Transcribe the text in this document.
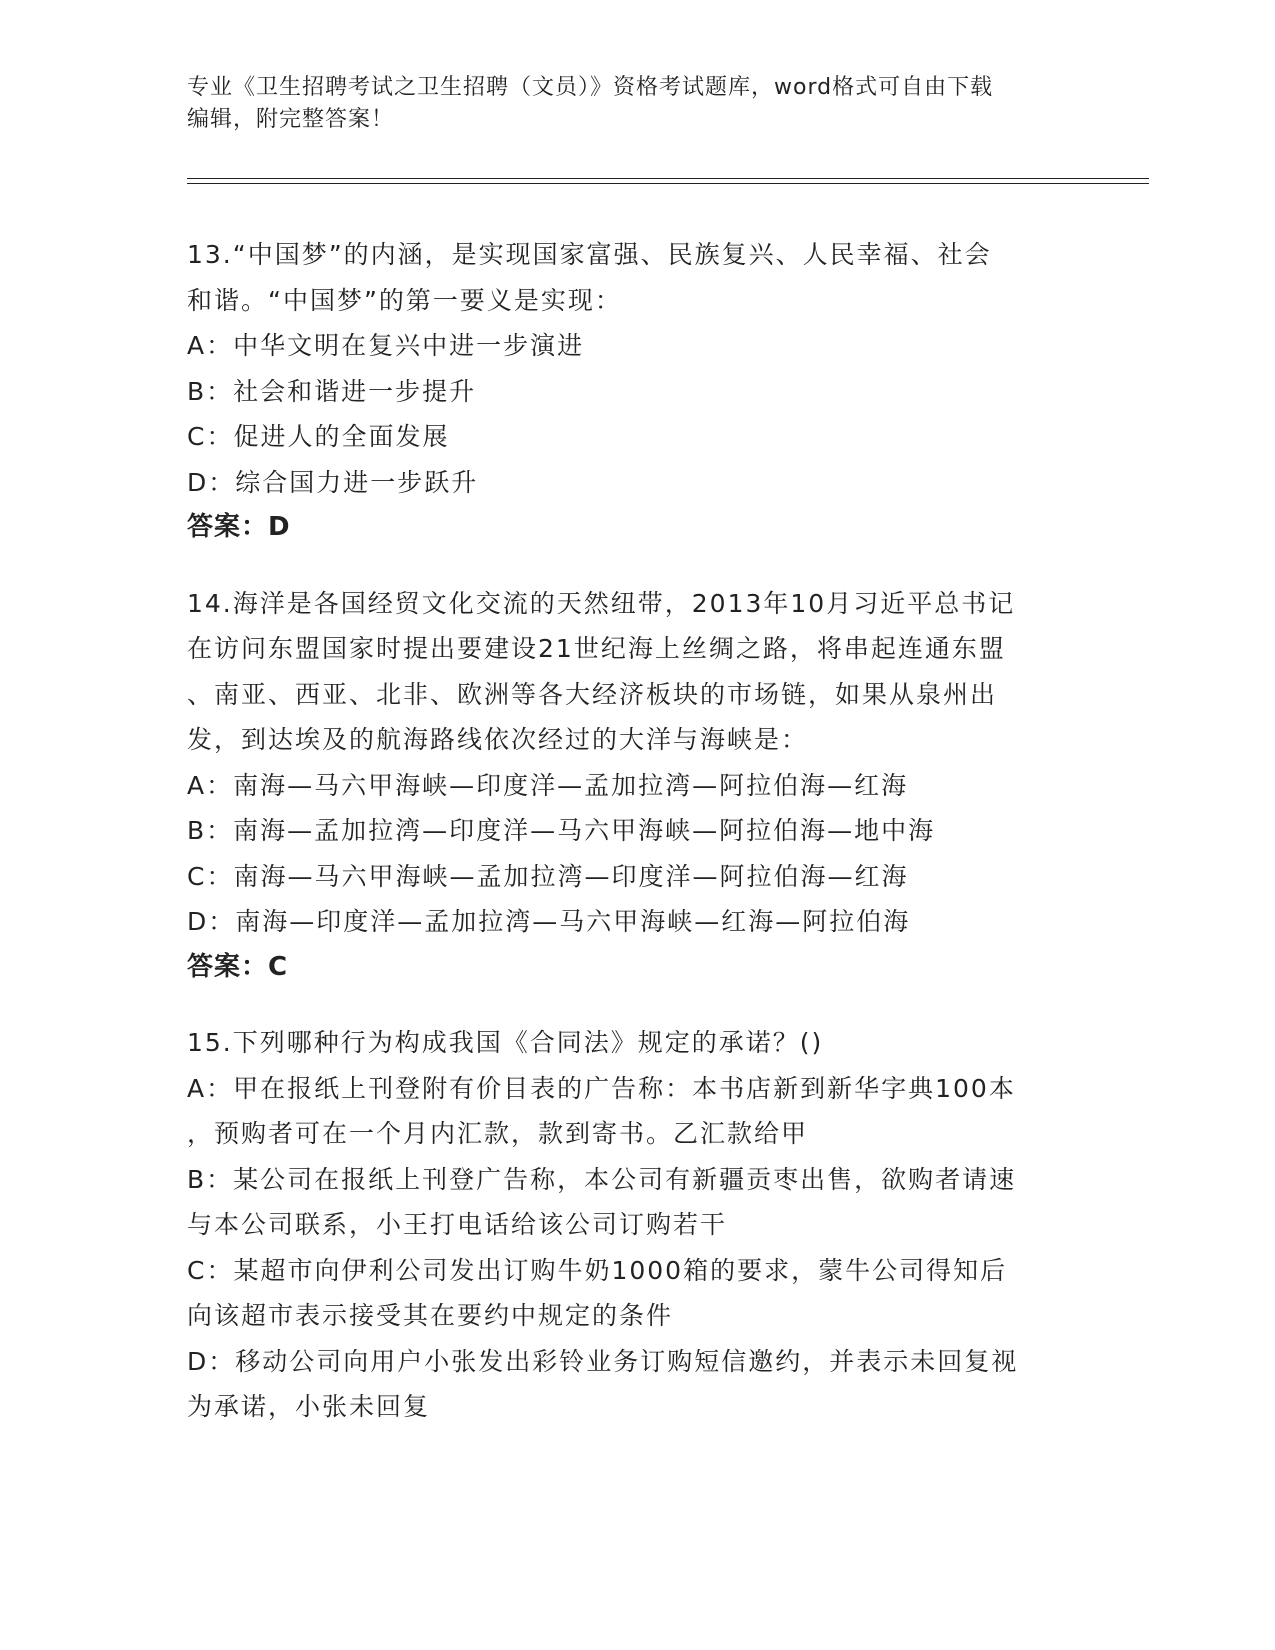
专业《卫生招聘考试之卫生招聘（文员）》资格考试题库，word格式可自由下载
编辑，附完整答案！
13.“中国梦”的内涵，是实现国家富强、民族复兴、人民幸福、社会
和谐。“中国梦”的第一要义是实现：
A：中华文明在复兴中进一步演进
B：社会和谐进一步提升
C：促进人的全面发展
D：综合国力进一步跃升
答案：D
14.海洋是各国经贸文化交流的天然纽带，2013年10月习近平总书记
在访问东盟国家时提出要建设21世纪海上丝绸之路，将串起连通东盟
、南亚、西亚、北非、欧洲等各大经济板块的市场链，如果从泉州出
发，到达埃及的航海路线依次经过的大洋与海峡是：
A：南海—马六甲海峡—印度洋—孟加拉湾—阿拉伯海—红海
B：南海—孟加拉湾—印度洋—马六甲海峡—阿拉伯海—地中海
C：南海—马六甲海峡—孟加拉湾—印度洋—阿拉伯海—红海
D：南海—印度洋—孟加拉湾—马六甲海峡—红海—阿拉伯海
答案：C
15.下列哪种行为构成我国《合同法》规定的承诺？()
A：甲在报纸上刊登附有价目表的广告称：本书店新到新华字典100本
，预购者可在一个月内汇款，款到寄书。乙汇款给甲
B：某公司在报纸上刊登广告称，本公司有新疆贡枣出售，欲购者请速
与本公司联系，小王打电话给该公司订购若干
C：某超市向伊利公司发出订购牛奶1000箱的要求，蒙牛公司得知后
向该超市表示接受其在要约中规定的条件
D：移动公司向用户小张发出彩铃业务订购短信邀约，并表示未回复视
为承诺，小张未回复
